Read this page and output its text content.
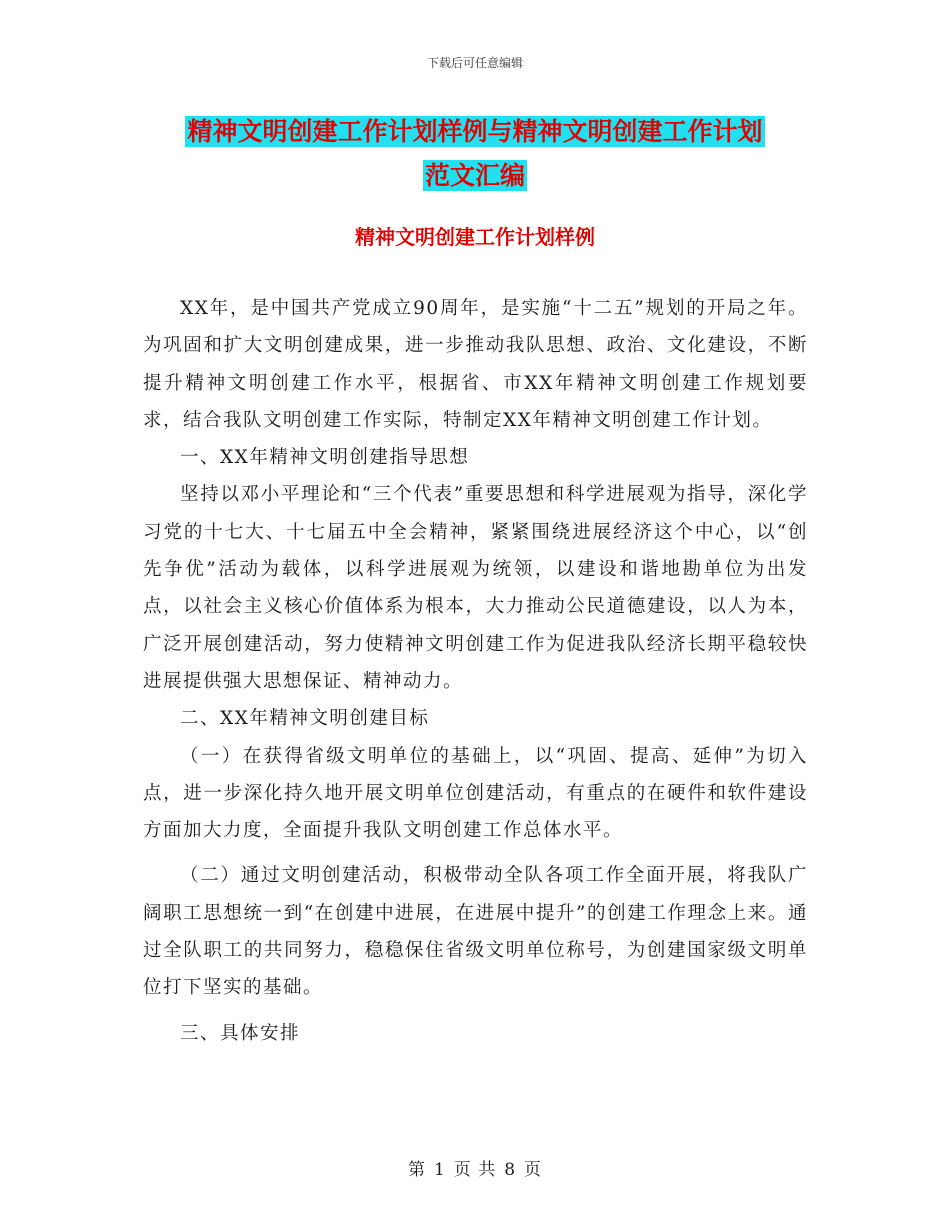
下载后可任意编辑
精神文明创建工作计划样例与精神文明创建工作计划
范文汇编
精神文明创建工作计划样例

XX年，是中国共产党成立90周年，是实施“十二五”规划的开局之年。为巩固和扩大文明创建成果，进一步推动我队思想、政治、文化建设，不断提升精神文明创建工作水平，根据省、市XX年精神文明创建工作规划要求，结合我队文明创建工作实际，特制定XX年精神文明创建工作计划。

一、XX年精神文明创建指导思想

坚持以邓小平理论和“三个代表”重要思想和科学进展观为指导，深化学习党的十七大、十七届五中全会精神，紧紧围绕进展经济这个中心，以“创先争优”活动为载体，以科学进展观为统领，以建设和谐地勘单位为出发点，以社会主义核心价值体系为根本，大力推动公民道德建设，以人为本，广泛开展创建活动，努力使精神文明创建工作为促进我队经济长期平稳较快进展提供强大思想保证、精神动力。

二、XX年精神文明创建目标

（一）在获得省级文明单位的基础上，以“巩固、提高、延伸”为切入点，进一步深化持久地开展文明单位创建活动，有重点的在硬件和软件建设方面加大力度，全面提升我队文明创建工作总体水平。

（二）通过文明创建活动，积极带动全队各项工作全面开展，将我队广阔职工思想统一到“在创建中进展，在进展中提升”的创建工作理念上来。通过全队职工的共同努力，稳稳保住省级文明单位称号，为创建国家级文明单位打下坚实的基础。

三、具体安排

第 1 页 共 8 页
